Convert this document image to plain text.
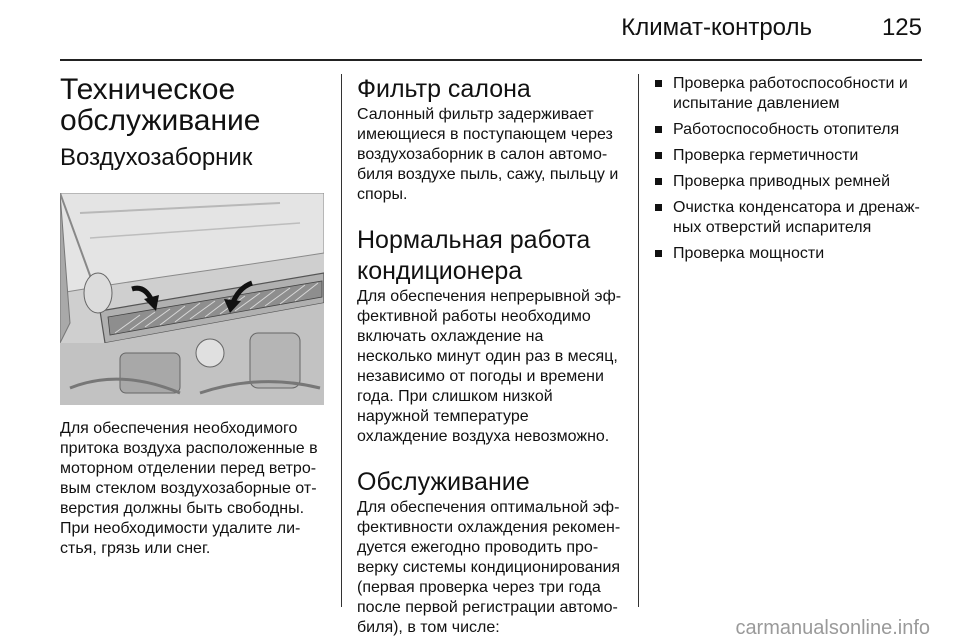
Климат-контроль	125
Техническое обслуживание
Воздухозаборник

Для обеспечения необходимого притока воздуха расположенные в моторном отделении перед ветровым стеклом воздухозаборные отверстия должны быть свободны. При необходимости удалите листья, грязь или снег.

Фильтр салона

Салонный фильтр задерживает имеющиеся в поступающем через воздухозаборник в салон автомобиля воздухе пыль, сажу, пыльцу и споры.

Нормальная работа кондиционера

Для обеспечения непрерывной эффективной работы необходимо включать охлаждение на несколько минут один раз в месяц, независимо от погоды и времени года. При слишком низкой наружной температуре охлаждение воздуха невозможно.

Обслуживание

Для обеспечения оптимальной эффективности охлаждения рекомендуется ежегодно проводить проверку системы кондиционирования (первая проверка через три года после первой регистрации автомобиля), в том числе:

Проверка работоспособности и испытание давлением
Работоспособность отопителя
Проверка герметичности
Проверка приводных ремней
Очистка конденсатора и дренажных отверстий испарителя
Проверка мощности
carmanualsonline.info
